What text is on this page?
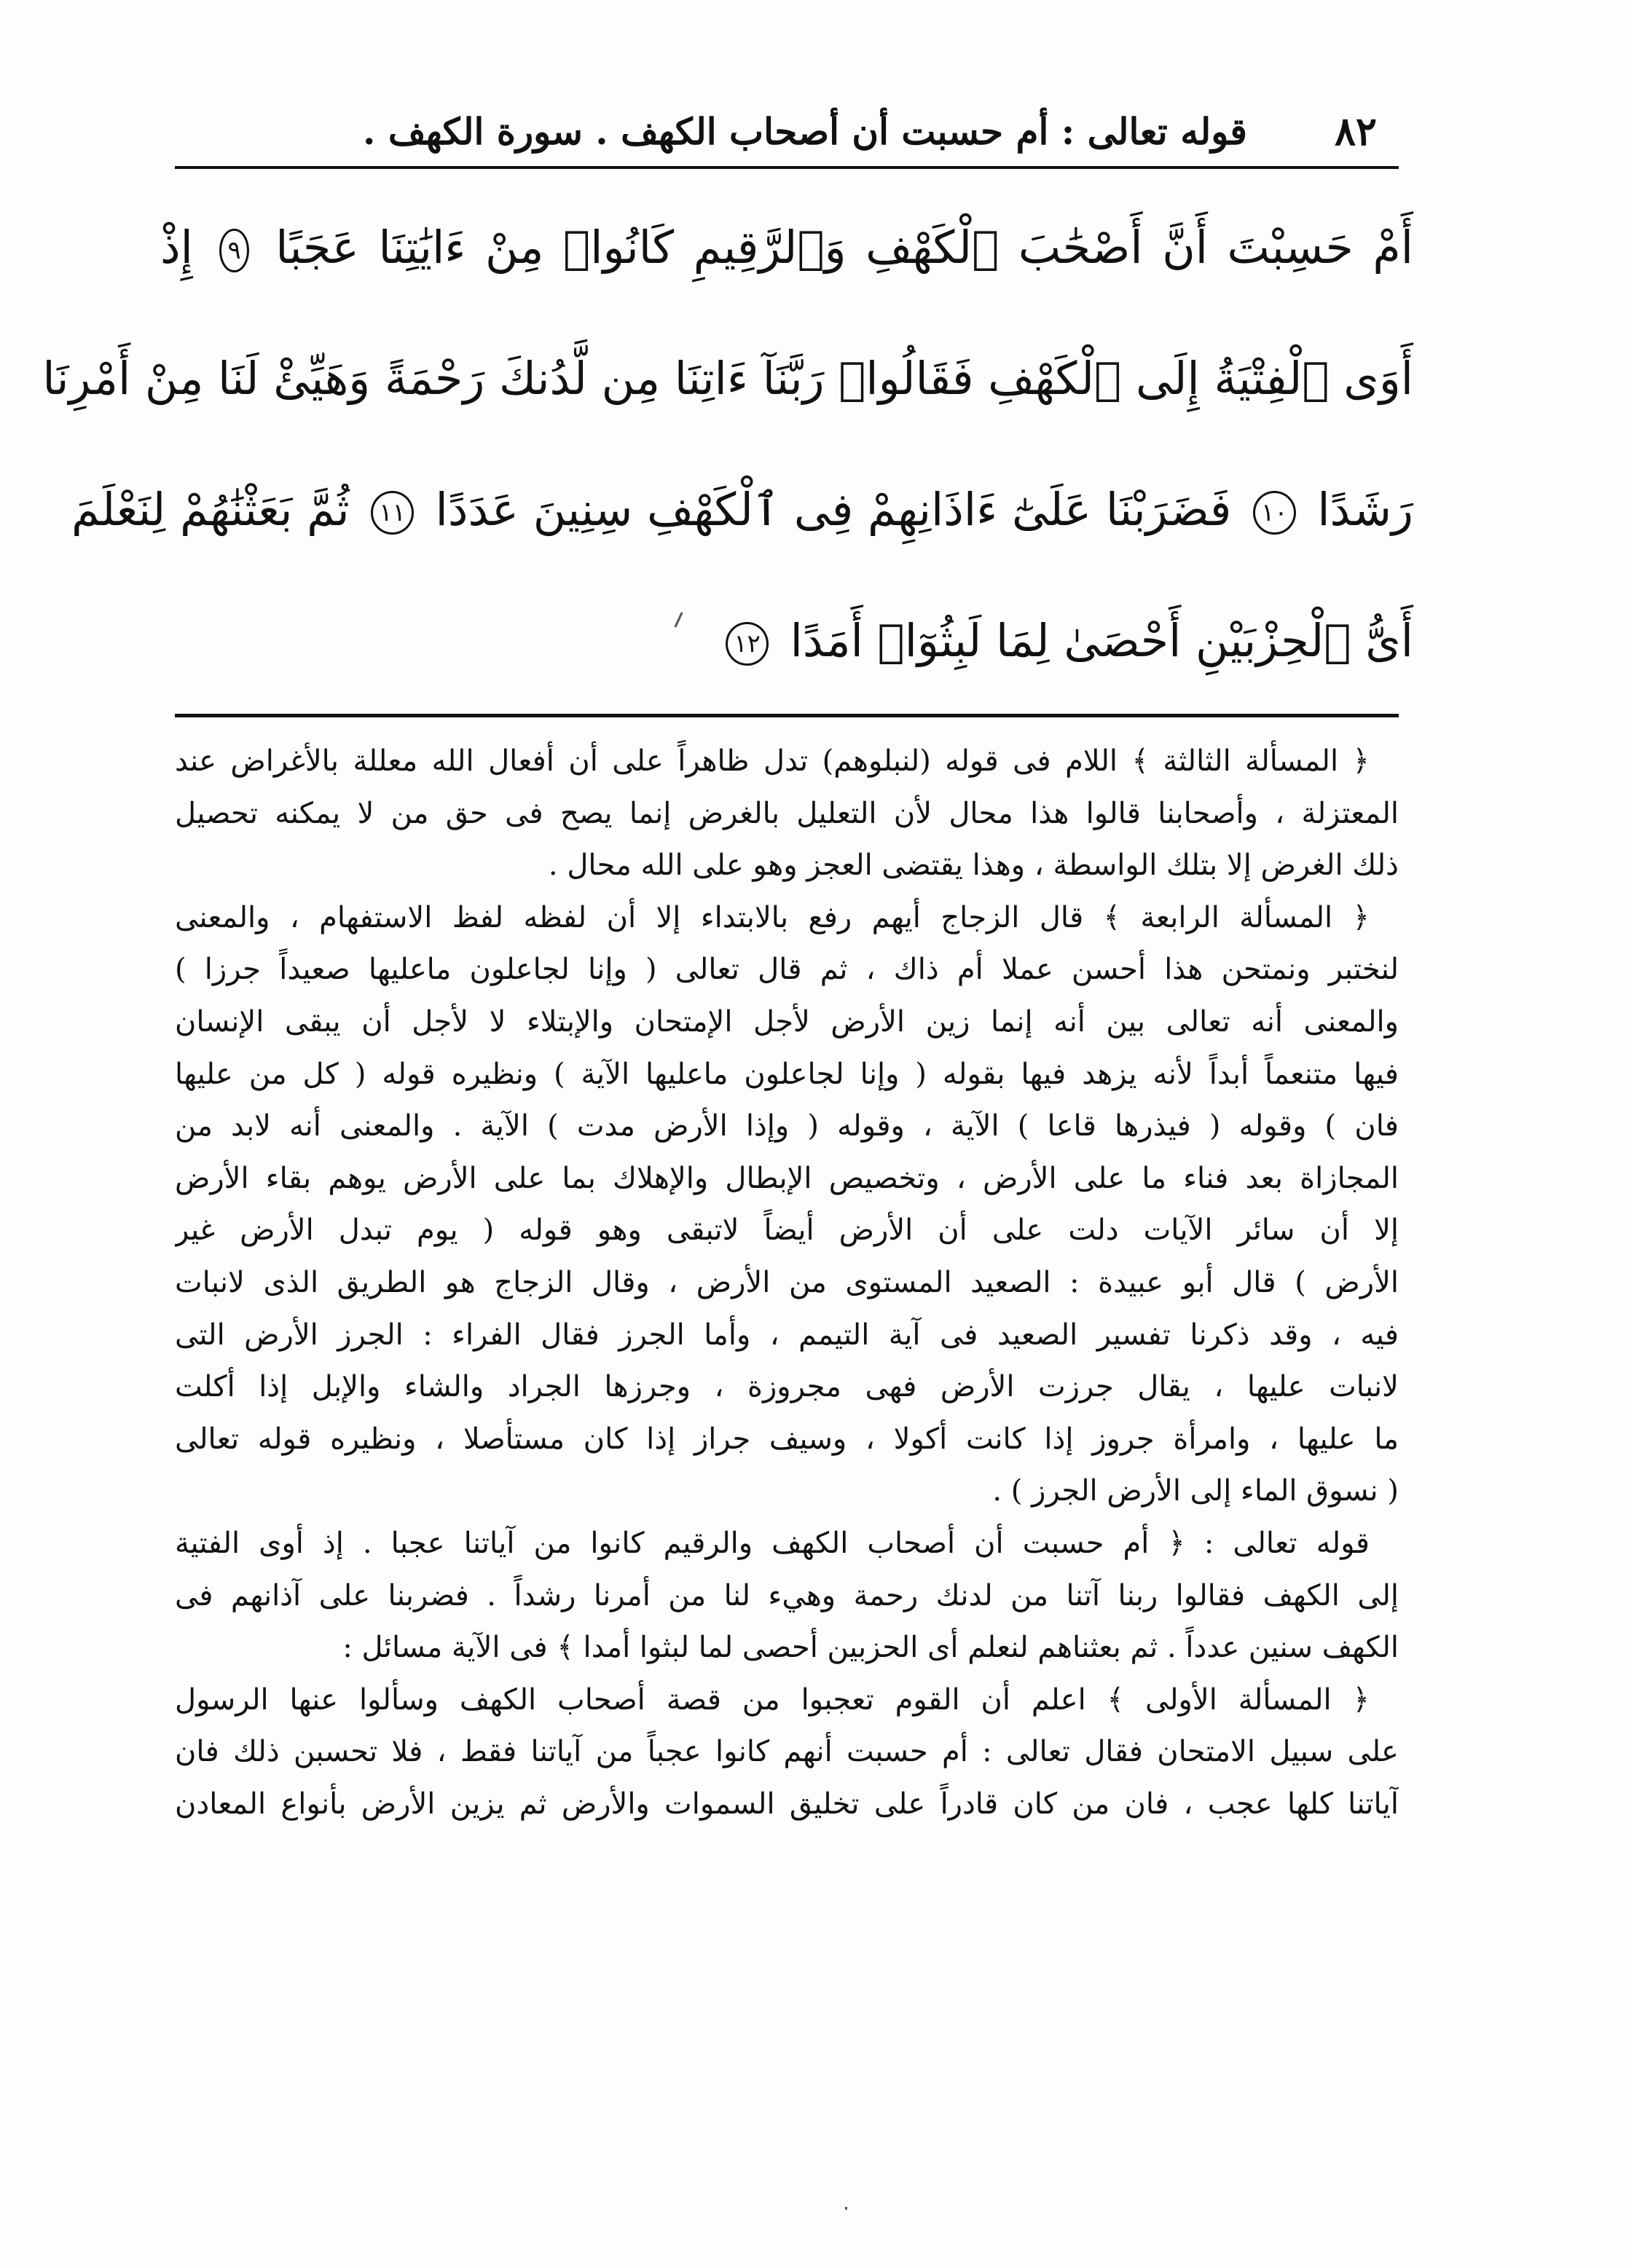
٨٢
قوله تعالى : أم حسبت أن أصحاب الكهف . سورة الكهف .
أَمْ حَسِبْتَ أَنَّ أَصْحَٰبَ ٱلْكَهْفِ وَٱلرَّقِيمِ كَانُوا۟ مِنْ ءَايَٰتِنَا عَجَبًا ٩ إِذْ
أَوَى ٱلْفِتْيَةُ إِلَى ٱلْكَهْفِ فَقَالُوا۟ رَبَّنَآ ءَاتِنَا مِن لَّدُنكَ رَحْمَةً وَهَيِّئْ لَنَا مِنْ أَمْرِنَا
رَشَدًا ١٠ فَضَرَبْنَا عَلَىٰٓ ءَاذَانِهِمْ فِى ٱلْكَهْفِ سِنِينَ عَدَدًا ١١ ثُمَّ بَعَثْنَٰهُمْ لِنَعْلَمَ
أَىُّ ٱلْحِزْبَيْنِ أَحْصَىٰ لِمَا لَبِثُوٓا۟ أَمَدًا ١٢
﴿ المسألة الثالثة ﴾ اللام فى قوله (لنبلوهم) تدل ظاهراً على أن أفعال الله معللة بالأغراض عند
المعتزلة ، وأصحابنا قالوا هذا محال لأن التعليل بالغرض إنما يصح فى حق من لا يمكنه تحصيل
ذلك الغرض إلا بتلك الواسطة ، وهذا يقتضى العجز وهو على الله محال .
﴿ المسألة الرابعة ﴾ قال الزجاج أيهم رفع بالابتداء إلا أن لفظه لفظ الاستفهام ، والمعنى
لنختبر ونمتحن هذا أحسن عملا أم ذاك ، ثم قال تعالى ( وإنا لجاعلون ماعليها صعيداً جرزا )
والمعنى أنه تعالى بين أنه إنما زين الأرض لأجل الإمتحان والإبتلاء لا لأجل أن يبقى الإنسان
فيها متنعماً أبداً لأنه يزهد فيها بقوله ( وإنا لجاعلون ماعليها الآية ) ونظيره قوله ( كل من عليها
فان ) وقوله ( فيذرها قاعا ) الآية ، وقوله ( وإذا الأرض مدت ) الآية . والمعنى أنه لابد من
المجازاة بعد فناء ما على الأرض ، وتخصيص الإبطال والإهلاك بما على الأرض يوهم بقاء الأرض
إلا أن سائر الآيات دلت على أن الأرض أيضاً لاتبقى وهو قوله ( يوم تبدل الأرض غير
الأرض ) قال أبو عبيدة : الصعيد المستوى من الأرض ، وقال الزجاج هو الطريق الذى لانبات
فيه ، وقد ذكرنا تفسير الصعيد فى آية التيمم ، وأما الجرز فقال الفراء : الجرز الأرض التى
لانبات عليها ، يقال جرزت الأرض فهى مجروزة ، وجرزها الجراد والشاء والإبل إذا أكلت
ما عليها ، وامرأة جروز إذا كانت أكولا ، وسيف جراز إذا كان مستأصلا ، ونظيره قوله تعالى
( نسوق الماء إلى الأرض الجرز ) .
قوله تعالى : ﴿ أم حسبت أن أصحاب الكهف والرقيم كانوا من آياتنا عجبا . إذ أوى الفتية
إلى الكهف فقالوا ربنا آتنا من لدنك رحمة وهيء لنا من أمرنا رشداً . فضربنا على آذانهم فى
الكهف سنين عدداً . ثم بعثناهم لنعلم أى الحزبين أحصى لما لبثوا أمدا ﴾ فى الآية مسائل :
﴿ المسألة الأولى ﴾ اعلم أن القوم تعجبوا من قصة أصحاب الكهف وسألوا عنها الرسول
على سبيل الامتحان فقال تعالى : أم حسبت أنهم كانوا عجباً من آياتنا فقط ، فلا تحسبن ذلك فان
آياتنا كلها عجب ، فان من كان قادراً على تخليق السموات والأرض ثم يزين الأرض بأنواع المعادن
